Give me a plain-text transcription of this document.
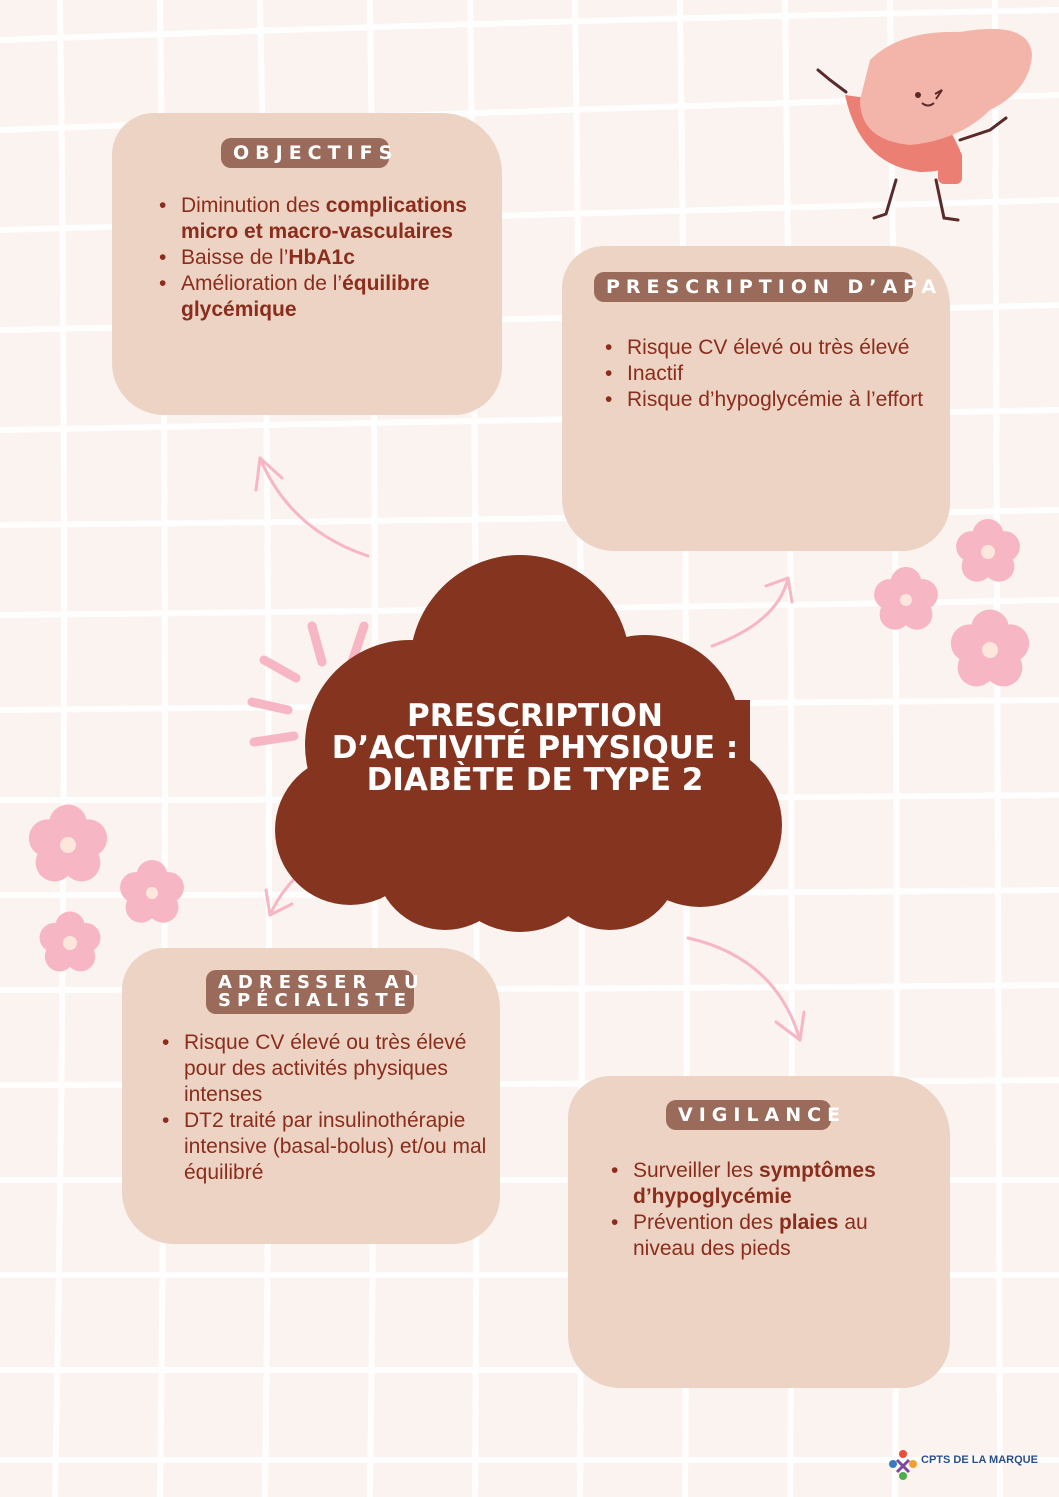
OBJECTIFS
• Diminution des complications micro et macro-vasculaires
• Baisse de l’HbA1c
• Amélioration de l’équilibre glycémique
PRESCRIPTION D’APA
• Risque CV élevé ou très élevé
• Inactif
• Risque d’hypoglycémie à l’effort
PRESCRIPTION
D’ACTIVITÉ PHYSIQUE :
DIABÈTE DE TYPE 2
ADRESSER AU
SPÉCIALISTE
• Risque CV élevé ou très élevé pour des activités physiques intenses
• DT2 traité par insulinothérapie intensive (basal-bolus) et/ou mal équilibré
VIGILANCE
• Surveiller les symptômes d’hypoglycémie
• Prévention des plaies au niveau des pieds
CPTS DE LA MARQUE
